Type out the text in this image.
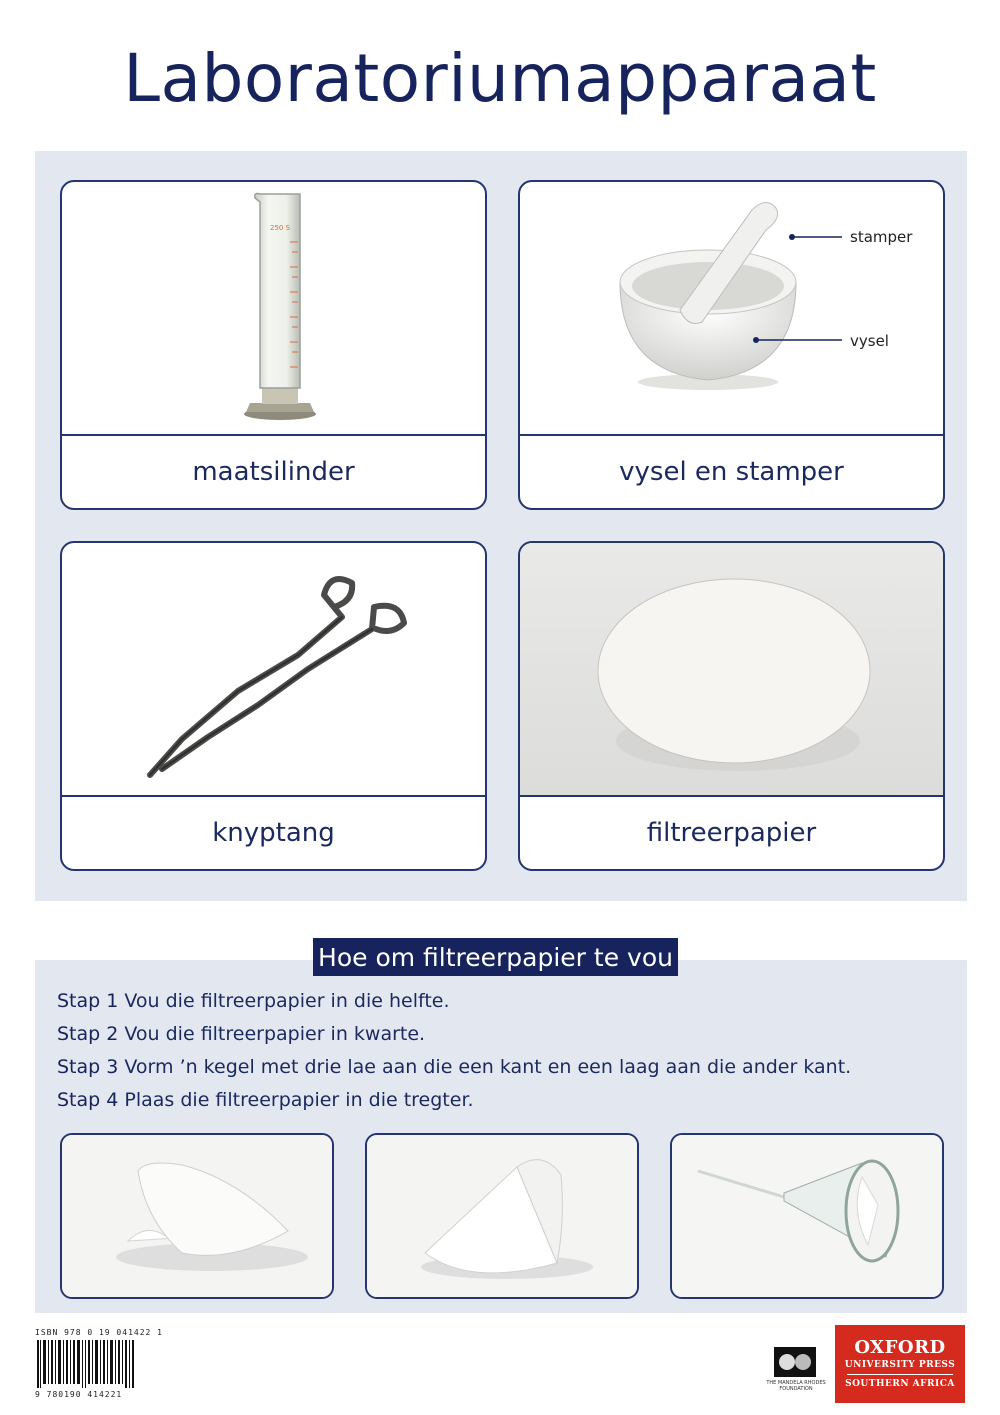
Laboratoriumapparaat
250 S
maatsilinder
stamper
vysel
vysel en stamper
knyptang	filtreerpapier
Hoe om filtreerpapier te vou
Stap 1 Vou die filtreerpapier in die helfte.
Stap 2 Vou die filtreerpapier in kwarte.
Stap 3 Vorm ’n kegel met drie lae aan die een kant en een laag aan die ander kant.
Stap 4 Plaas die filtreerpapier in die tregter.
ISBN 978 0 19 041422 1
9 780190 414221
THE MANDELA RHODES FOUNDATION
OXFORD
UNIVERSITY PRESS
SOUTHERN AFRICA
